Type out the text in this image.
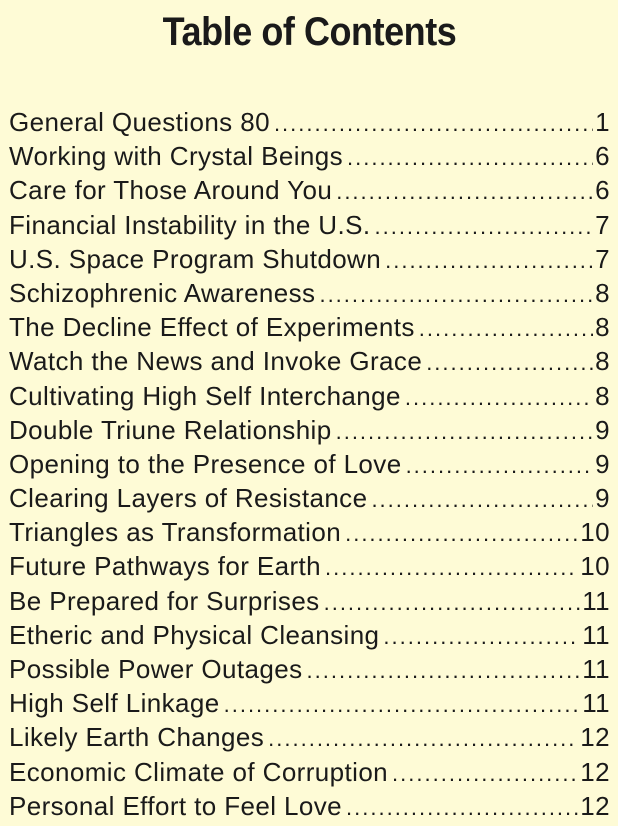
Table of Contents
General Questions 80 .....	1
Working with Crystal Beings .....	6
Care for Those Around You .....	6
Financial Instability in the U.S. .....	7
U.S. Space Program Shutdown .....	7
Schizophrenic Awareness .....	8
The Decline Effect of Experiments .....	8
Watch the News and Invoke Grace .....	8
Cultivating High Self Interchange .....	8
Double Triune Relationship .....	9
Opening to the Presence of Love .....	9
Clearing Layers of Resistance .....	9
Triangles as Transformation .....	10
Future Pathways for Earth .....	10
Be Prepared for Surprises .....	11
Etheric and Physical Cleansing .....	11
Possible Power Outages .....	11
High Self Linkage .....	11
Likely Earth Changes .....	12
Economic Climate of Corruption .....	12
Personal Effort to Feel Love .....	12
